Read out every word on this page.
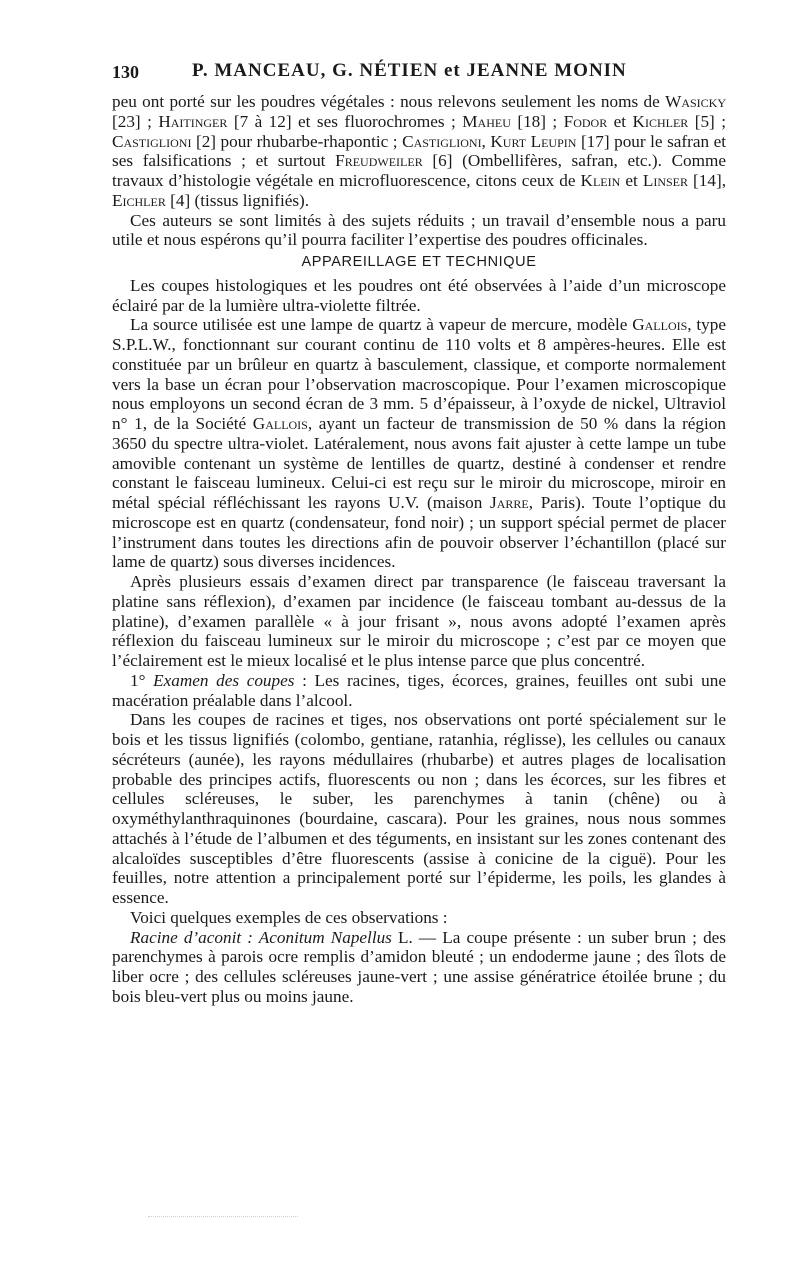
130	P. MANCEAU, G. NÉTIEN et JEANNE MONIN

peu ont porté sur les poudres végétales : nous relevons seulement les noms de Wasicky [23] ; Haitinger [7 à 12] et ses fluorochromes ; Maheu [18] ; Fodor et Kichler [5] ; Castiglioni [2] pour rhubarbe-rhapontic ; Castiglioni, Kurt Leupin [17] pour le safran et ses falsifications ; et surtout Freudweiler [6] (Ombellifères, safran, etc.). Comme travaux d’histologie végétale en microfluorescence, citons ceux de Klein et Linser [14], Eichler [4] (tissus lignifiés).

Ces auteurs se sont limités à des sujets réduits ; un travail d’ensemble nous a paru utile et nous espérons qu’il pourra faciliter l’expertise des poudres officinales.

APPAREILLAGE ET TECHNIQUE

Les coupes histologiques et les poudres ont été observées à l’aide d’un microscope éclairé par de la lumière ultra-violette filtrée.

La source utilisée est une lampe de quartz à vapeur de mercure, modèle Gallois, type S.P.L.W., fonctionnant sur courant continu de 110 volts et 8 ampères-heures. Elle est constituée par un brûleur en quartz à basculement, classique, et comporte normalement vers la base un écran pour l’observation macroscopique. Pour l’examen microscopique nous employons un second écran de 3 mm. 5 d’épaisseur, à l’oxyde de nickel, Ultraviol n° 1, de la Société Gallois, ayant un facteur de transmission de 50 % dans la région 3650 du spectre ultra-violet. Latéralement, nous avons fait ajuster à cette lampe un tube amovible contenant un système de lentilles de quartz, destiné à condenser et rendre constant le faisceau lumineux. Celui-ci est reçu sur le miroir du microscope, miroir en métal spécial réfléchissant les rayons U.V. (maison Jarre, Paris). Toute l’optique du microscope est en quartz (condensateur, fond noir) ; un support spécial permet de placer l’instrument dans toutes les directions afin de pouvoir observer l’échantillon (placé sur lame de quartz) sous diverses incidences.

Après plusieurs essais d’examen direct par transparence (le faisceau traversant la platine sans réflexion), d’examen par incidence (le faisceau tombant au-dessus de la platine), d’examen parallèle « à jour frisant », nous avons adopté l’examen après réflexion du faisceau lumineux sur le miroir du microscope ; c’est par ce moyen que l’éclairement est le mieux localisé et le plus intense parce que plus concentré.

1° Examen des coupes : Les racines, tiges, écorces, graines, feuilles ont subi une macération préalable dans l’alcool.

Dans les coupes de racines et tiges, nos observations ont porté spécialement sur le bois et les tissus lignifiés (colombo, gentiane, ratanhia, réglisse), les cellules ou canaux sécréteurs (aunée), les rayons médullaires (rhubarbe) et autres plages de localisation probable des principes actifs, fluorescents ou non ; dans les écorces, sur les fibres et cellules scléreuses, le suber, les parenchymes à tanin (chêne) ou à oxyméthylanthraquinones (bourdaine, cascara). Pour les graines, nous nous sommes attachés à l’étude de l’albumen et des téguments, en insistant sur les zones contenant des alcaloïdes susceptibles d’être fluorescents (assise à conicine de la ciguë). Pour les feuilles, notre attention a principalement porté sur l’épiderme, les poils, les glandes à essence.

Voici quelques exemples de ces observations :

Racine d’aconit : Aconitum Napellus L. — La coupe présente : un suber brun ; des parenchymes à parois ocre remplis d’amidon bleuté ; un endoderme jaune ; des îlots de liber ocre ; des cellules scléreuses jaune-vert ; une assise génératrice étoilée brune ; du bois bleu-vert plus ou moins jaune.
